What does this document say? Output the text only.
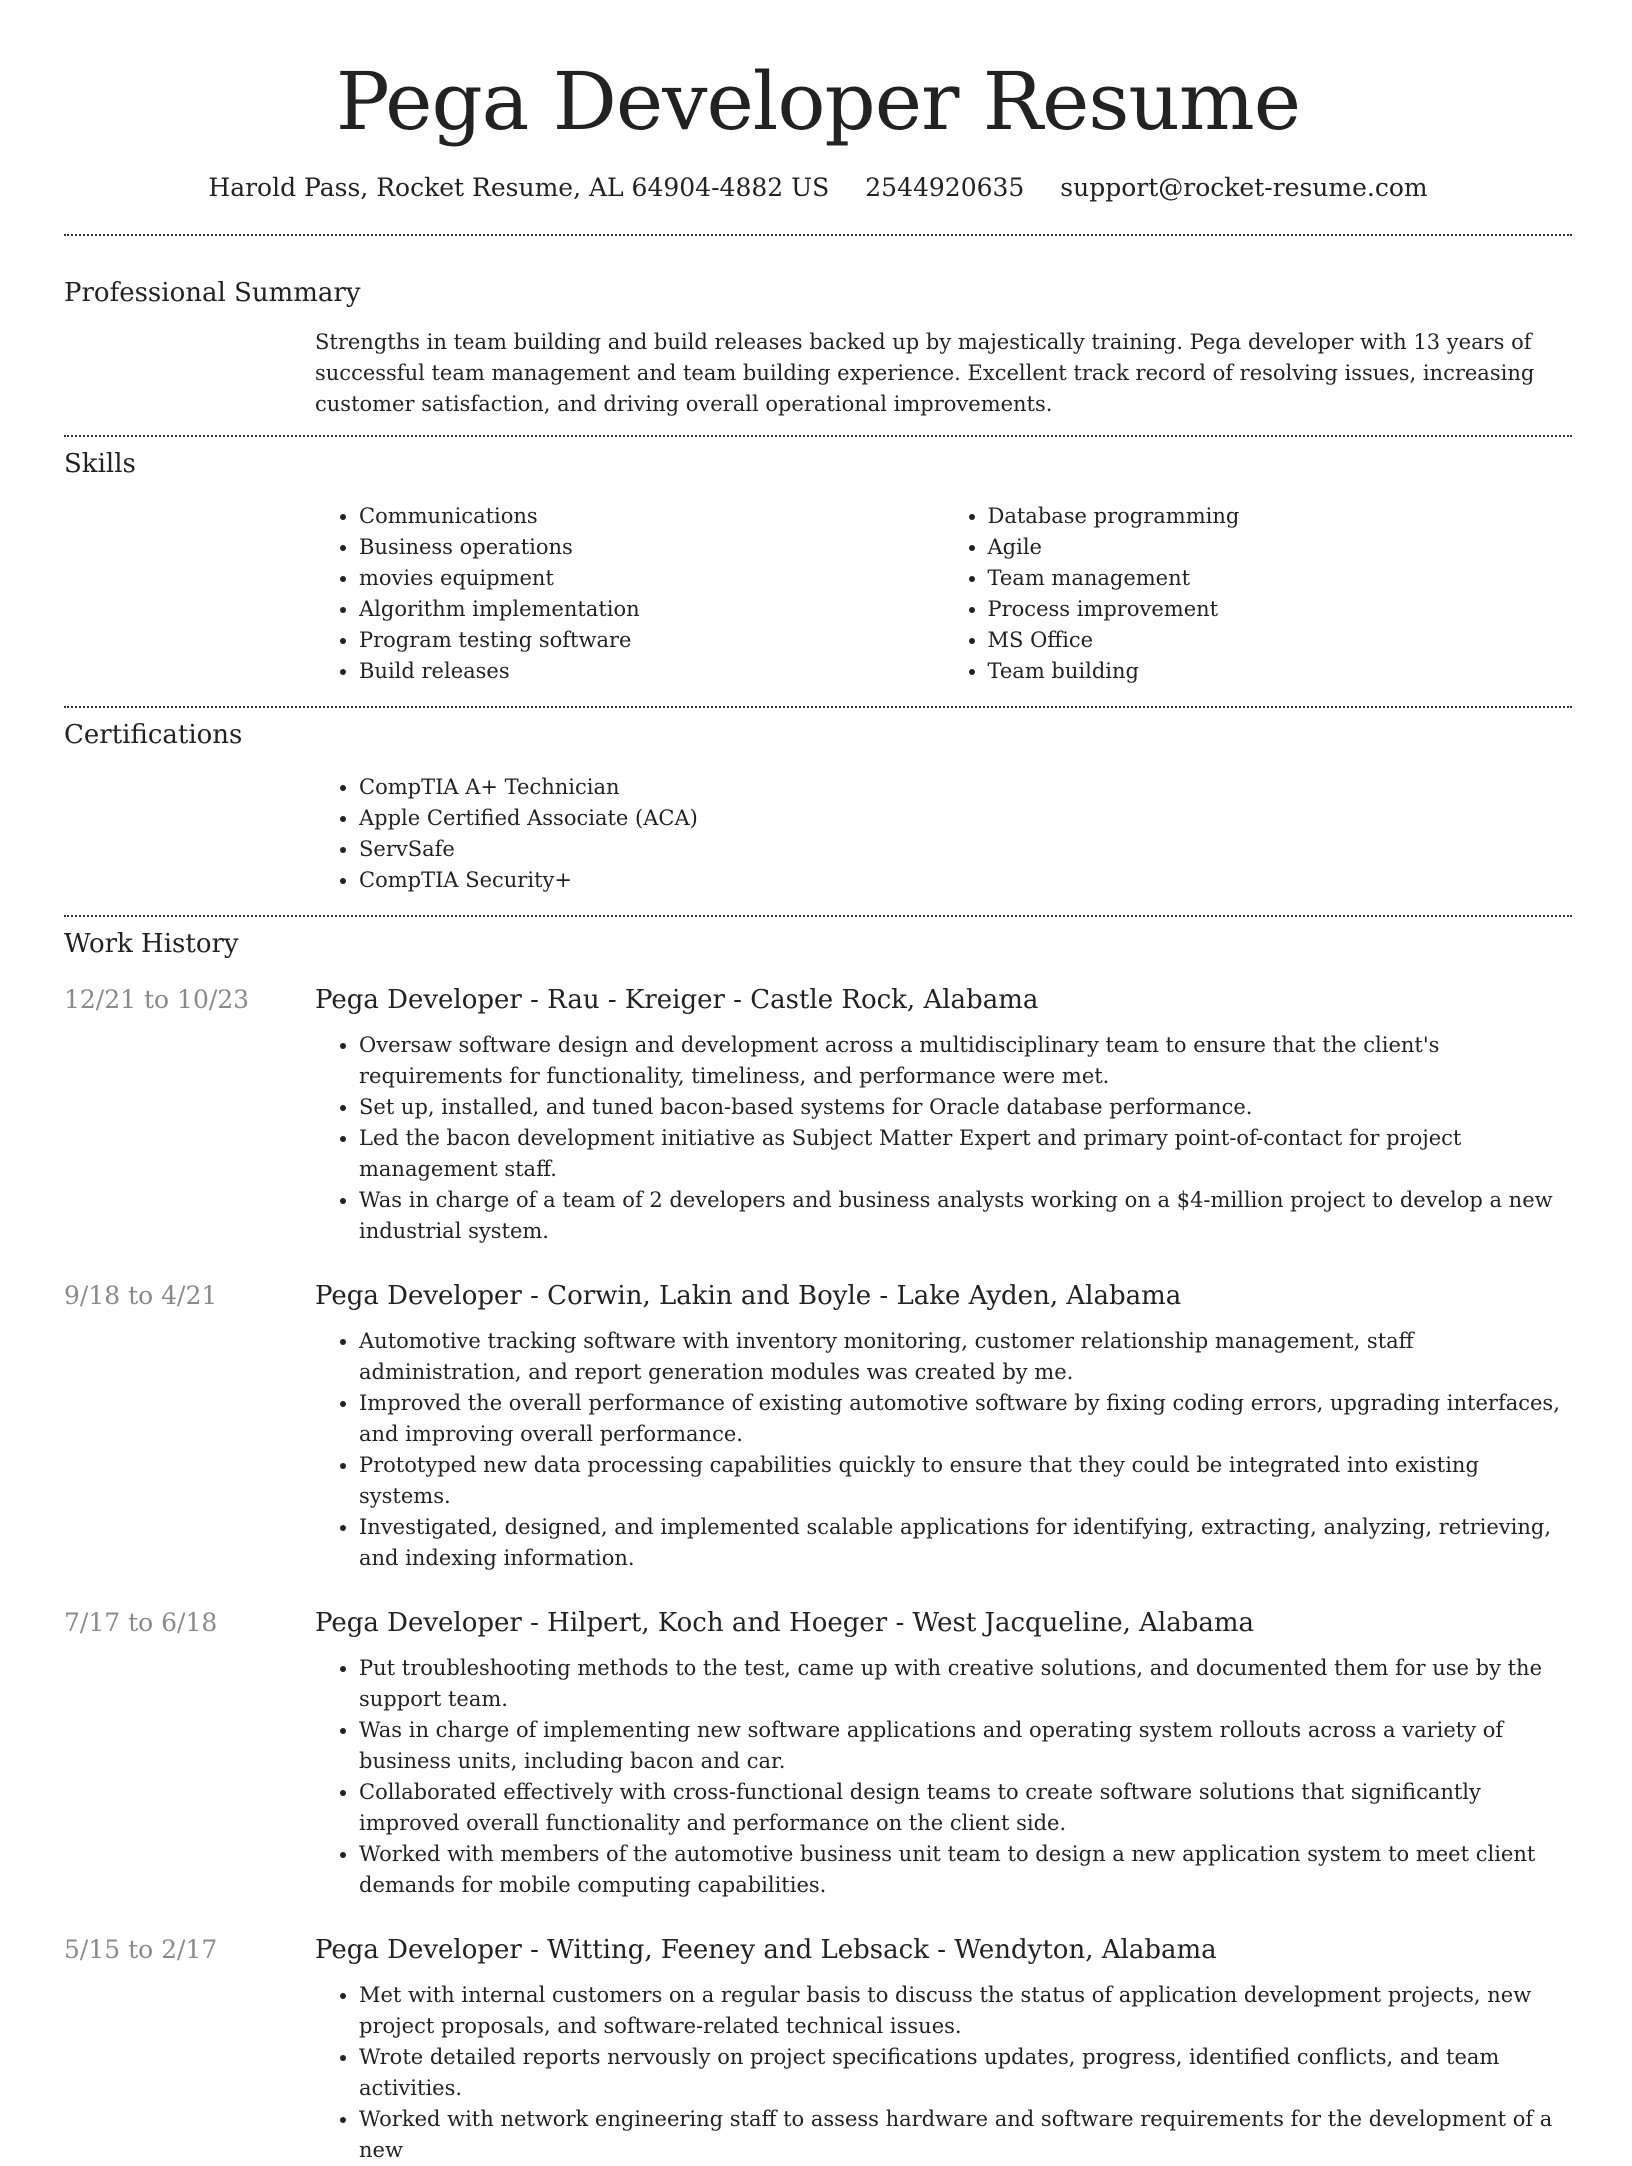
Pega Developer Resume
Harold Pass, Rocket Resume, AL 64904-4882 US 2544920635 support@rocket-resume.com
Professional Summary
Strengths in team building and build releases backed up by majestically training. Pega developer with 13 years of successful team management and team building experience. Excellent track record of resolving issues, increasing customer satisfaction, and driving overall operational improvements.
Skills
• Communications
• Business operations
• movies equipment
• Algorithm implementation
• Program testing software
• Build releases
• Database programming
• Agile
• Team management
• Process improvement
• MS Office
• Team building
Certifications
• CompTIA A+ Technician
• Apple Certified Associate (ACA)
• ServSafe
• CompTIA Security+
Work History
12/21 to 10/23	Pega Developer - Rau - Kreiger - Castle Rock, Alabama
• Oversaw software design and development across a multidisciplinary team to ensure that the client's requirements for functionality, timeliness, and performance were met.
• Set up, installed, and tuned bacon-based systems for Oracle database performance.
• Led the bacon development initiative as Subject Matter Expert and primary point-of-contact for project management staff.
• Was in charge of a team of 2 developers and business analysts working on a $4-million project to develop a new industrial system.
9/18 to 4/21	Pega Developer - Corwin, Lakin and Boyle - Lake Ayden, Alabama
• Automotive tracking software with inventory monitoring, customer relationship management, staff administration, and report generation modules was created by me.
• Improved the overall performance of existing automotive software by fixing coding errors, upgrading interfaces, and improving overall performance.
• Prototyped new data processing capabilities quickly to ensure that they could be integrated into existing systems.
• Investigated, designed, and implemented scalable applications for identifying, extracting, analyzing, retrieving, and indexing information.
7/17 to 6/18	Pega Developer - Hilpert, Koch and Hoeger - West Jacqueline, Alabama
• Put troubleshooting methods to the test, came up with creative solutions, and documented them for use by the support team.
• Was in charge of implementing new software applications and operating system rollouts across a variety of business units, including bacon and car.
• Collaborated effectively with cross-functional design teams to create software solutions that significantly improved overall functionality and performance on the client side.
• Worked with members of the automotive business unit team to design a new application system to meet client demands for mobile computing capabilities.
5/15 to 2/17	Pega Developer - Witting, Feeney and Lebsack - Wendyton, Alabama
• Met with internal customers on a regular basis to discuss the status of application development projects, new project proposals, and software-related technical issues.
• Wrote detailed reports nervously on project specifications updates, progress, identified conflicts, and team activities.
• Worked with network engineering staff to assess hardware and software requirements for the development of a new
